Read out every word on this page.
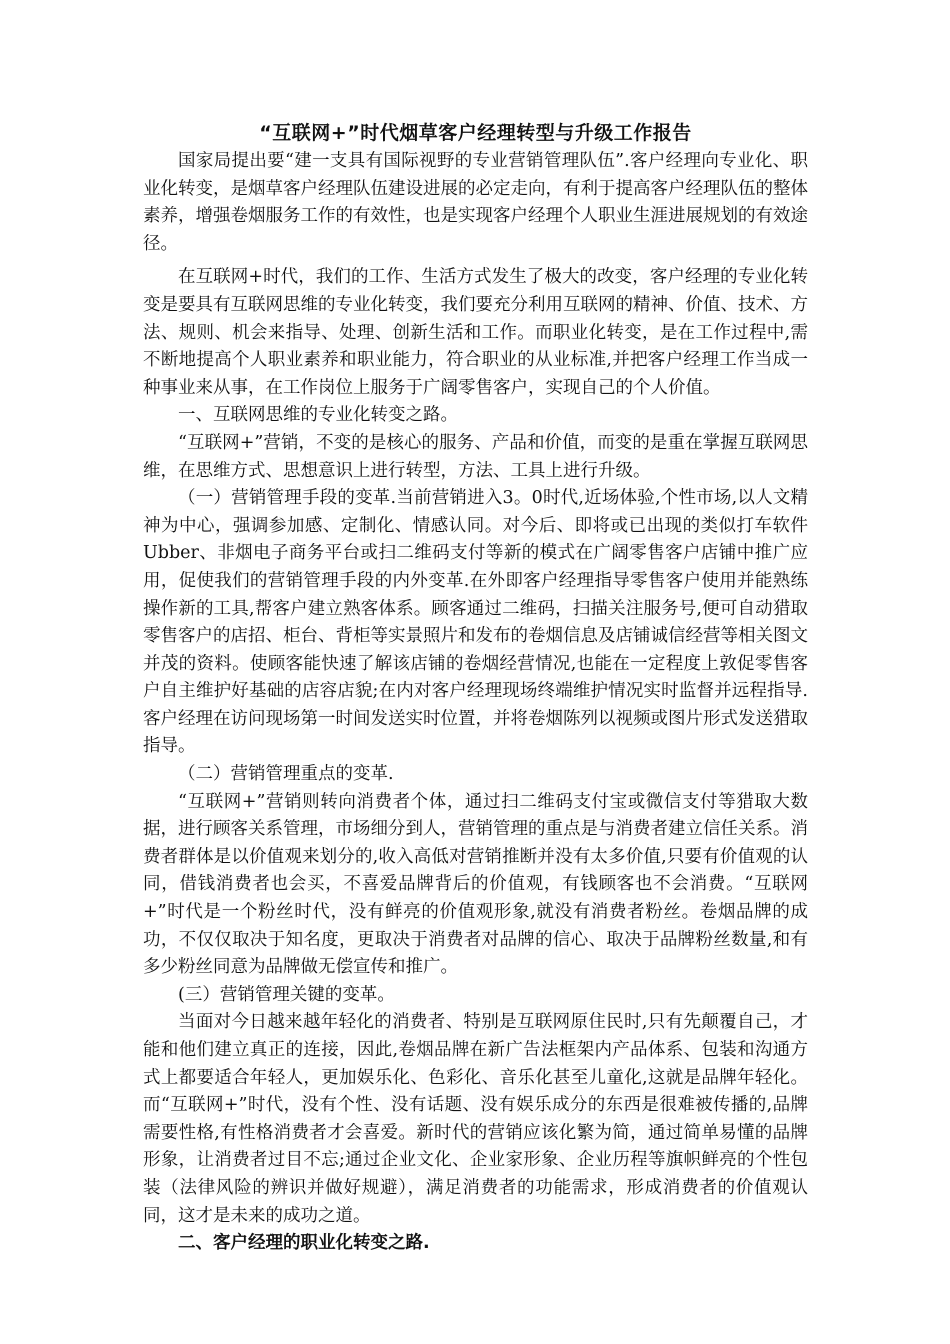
“互联网+”时代烟草客户经理转型与升级工作报告

国家局提出要“建一支具有国际视野的专业营销管理队伍”.客户经理向专业化、职业化转变，是烟草客户经理队伍建设进展的必定走向，有利于提高客户经理队伍的整体素养，增强卷烟服务工作的有效性，也是实现客户经理个人职业生涯进展规划的有效途径。

在互联网+时代，我们的工作、生活方式发生了极大的改变，客户经理的专业化转变是要具有互联网思维的专业化转变，我们要充分利用互联网的精神、价值、技术、方法、规则、机会来指导、处理、创新生活和工作。而职业化转变，是在工作过程中,需不断地提高个人职业素养和职业能力，符合职业的从业标准,并把客户经理工作当成一种事业来从事，在工作岗位上服务于广阔零售客户，实现自己的个人价值。

一、互联网思维的专业化转变之路。

“互联网+”营销，不变的是核心的服务、产品和价值，而变的是重在掌握互联网思维，在思维方式、思想意识上进行转型，方法、工具上进行升级。

（一）营销管理手段的变革.当前营销进入3。0时代,近场体验,个性市场,以人文精神为中心，强调参加感、定制化、情感认同。对今后、即将或已出现的类似打车软件Ubber、非烟电子商务平台或扫二维码支付等新的模式在广阔零售客户店铺中推广应用，促使我们的营销管理手段的内外变革.在外即客户经理指导零售客户使用并能熟练操作新的工具,帮客户建立熟客体系。顾客通过二维码，扫描关注服务号,便可自动猎取零售客户的店招、柜台、背柜等实景照片和发布的卷烟信息及店铺诚信经营等相关图文并茂的资料。使顾客能快速了解该店铺的卷烟经营情况,也能在一定程度上敦促零售客户自主维护好基础的店容店貌;在内对客户经理现场终端维护情况实时监督并远程指导.客户经理在访问现场第一时间发送实时位置，并将卷烟陈列以视频或图片形式发送猎取指导。

（二）营销管理重点的变革.

“互联网+”营销则转向消费者个体，通过扫二维码支付宝或微信支付等猎取大数据，进行顾客关系管理，市场细分到人，营销管理的重点是与消费者建立信任关系。消费者群体是以价值观来划分的,收入高低对营销推断并没有太多价值,只要有价值观的认同，借钱消费者也会买，不喜爱品牌背后的价值观，有钱顾客也不会消费。“互联网+”时代是一个粉丝时代，没有鲜亮的价值观形象,就没有消费者粉丝。卷烟品牌的成功，不仅仅取决于知名度，更取决于消费者对品牌的信心、取决于品牌粉丝数量,和有多少粉丝同意为品牌做无偿宣传和推广。

(三）营销管理关键的变革。

当面对今日越来越年轻化的消费者、特别是互联网原住民时,只有先颠覆自己，才能和他们建立真正的连接，因此,卷烟品牌在新广告法框架内产品体系、包装和沟通方式上都要适合年轻人，更加娱乐化、色彩化、音乐化甚至儿童化,这就是品牌年轻化。而“互联网+”时代，没有个性、没有话题、没有娱乐成分的东西是很难被传播的,品牌需要性格,有性格消费者才会喜爱。新时代的营销应该化繁为简，通过简单易懂的品牌形象，让消费者过目不忘;通过企业文化、企业家形象、企业历程等旗帜鲜亮的个性包装（法律风险的辨识并做好规避），满足消费者的功能需求，形成消费者的价值观认同，这才是未来的成功之道。

二、客户经理的职业化转变之路.
